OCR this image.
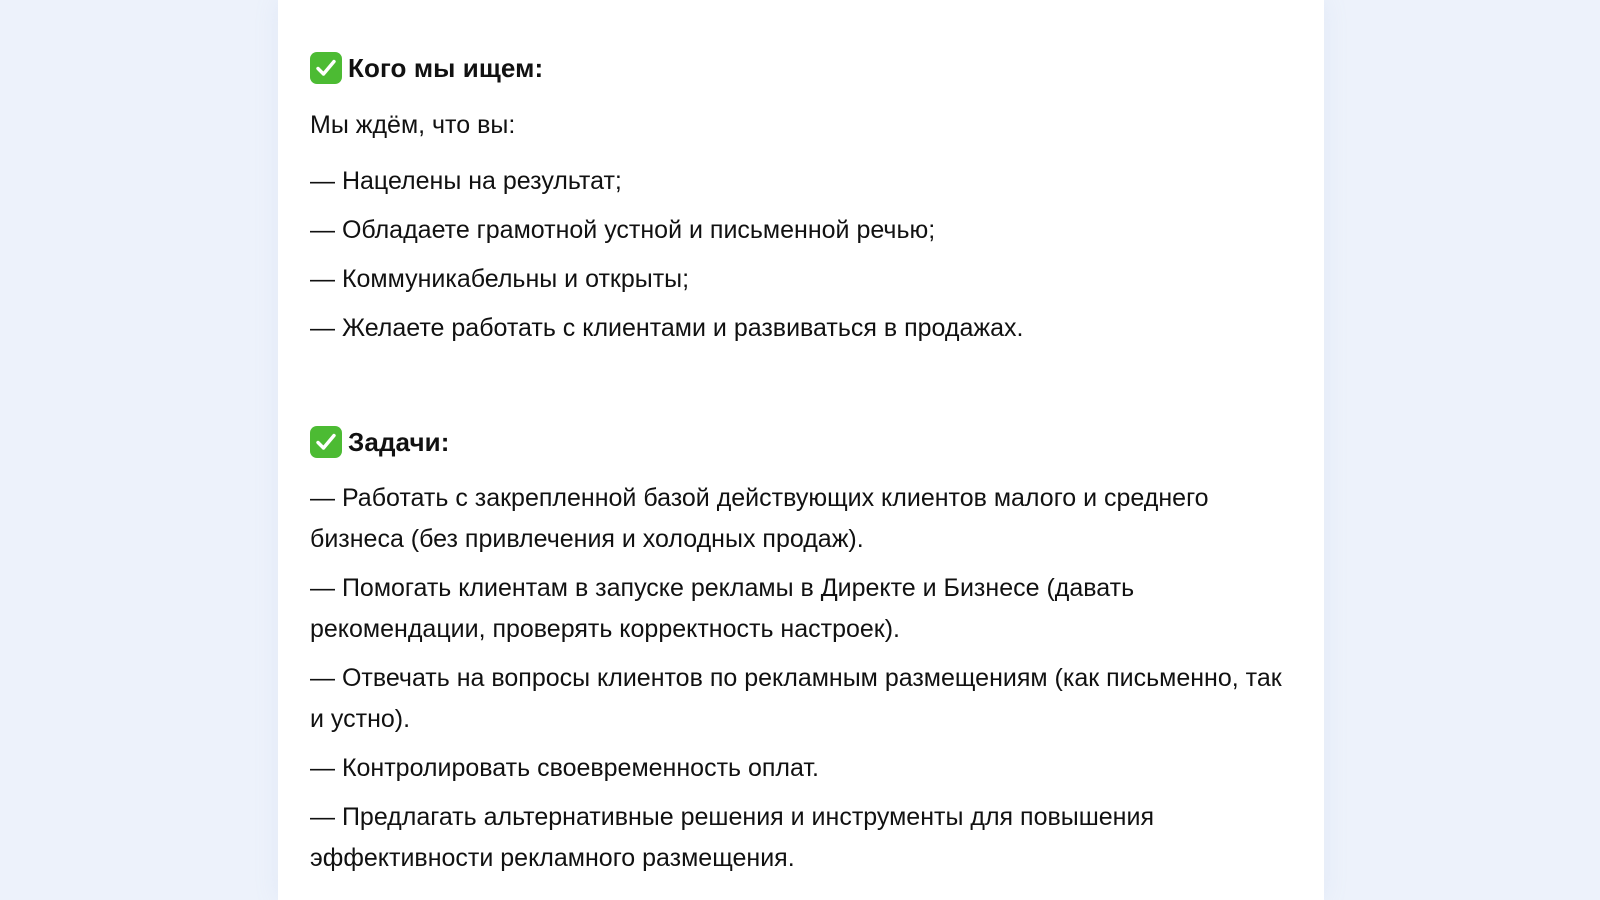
Кого мы ищем:
Мы ждём, что вы:
— Нацелены на результат;
— Обладаете грамотной устной и письменной речью;
— Коммуникабельны и открыты;
— Желаете работать с клиентами и развиваться в продажах.
Задачи:
— Работать с закрепленной базой действующих клиентов малого и среднего бизнеса (без привлечения и холодных продаж).
— Помогать клиентам в запуске рекламы в Директе и Бизнесе (давать рекомендации, проверять корректность настроек).
— Отвечать на вопросы клиентов по рекламным размещениям (как письменно, так и устно).
— Контролировать своевременность оплат.
— Предлагать альтернативные решения и инструменты для повышения эффективности рекламного размещения.
